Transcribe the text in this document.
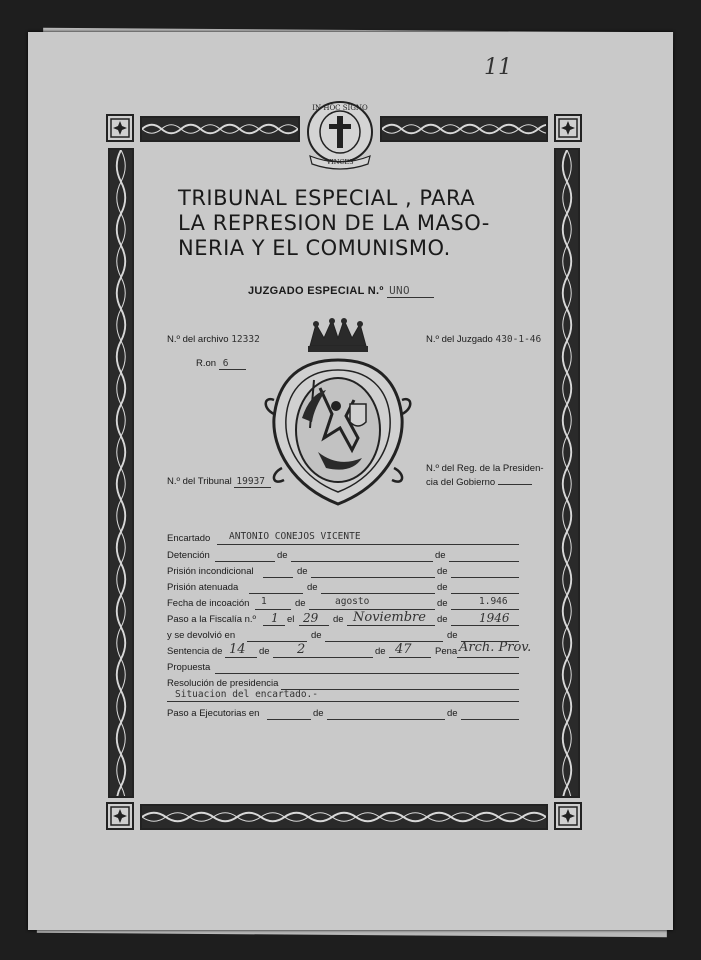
11
IN HOC SIGNO
VINCES
TRIBUNAL ESPECIAL , PARA
LA REPRESION DE LA MASO-
NERIA Y EL COMUNISMO.
JUZGADO ESPECIAL N.º UNO
N.º del archivo 12332
R.on 6
N.º del Juzgado 430-1-46
N.º del Tribunal 19937
N.º del Reg. de la Presiden-
cia del Gobierno
Encartado ANTONIO CONEJOS VICENTE
Detención	de	de
Prisión incondicional	de	de
Prisión atenuada	de	de
Fecha de incoación 1	de	agosto	de	1.946
Paso a la Fiscalía n.º 1 el 29 de Noviembre de	1946
y se devolvió en	de	de
Sentencia de 14 de 2	de 47 Pena Arch. Prov.
Propuesta
Resolución de presidencia
Situacion del encartado.-
Paso a Ejecutorias en	de	de
